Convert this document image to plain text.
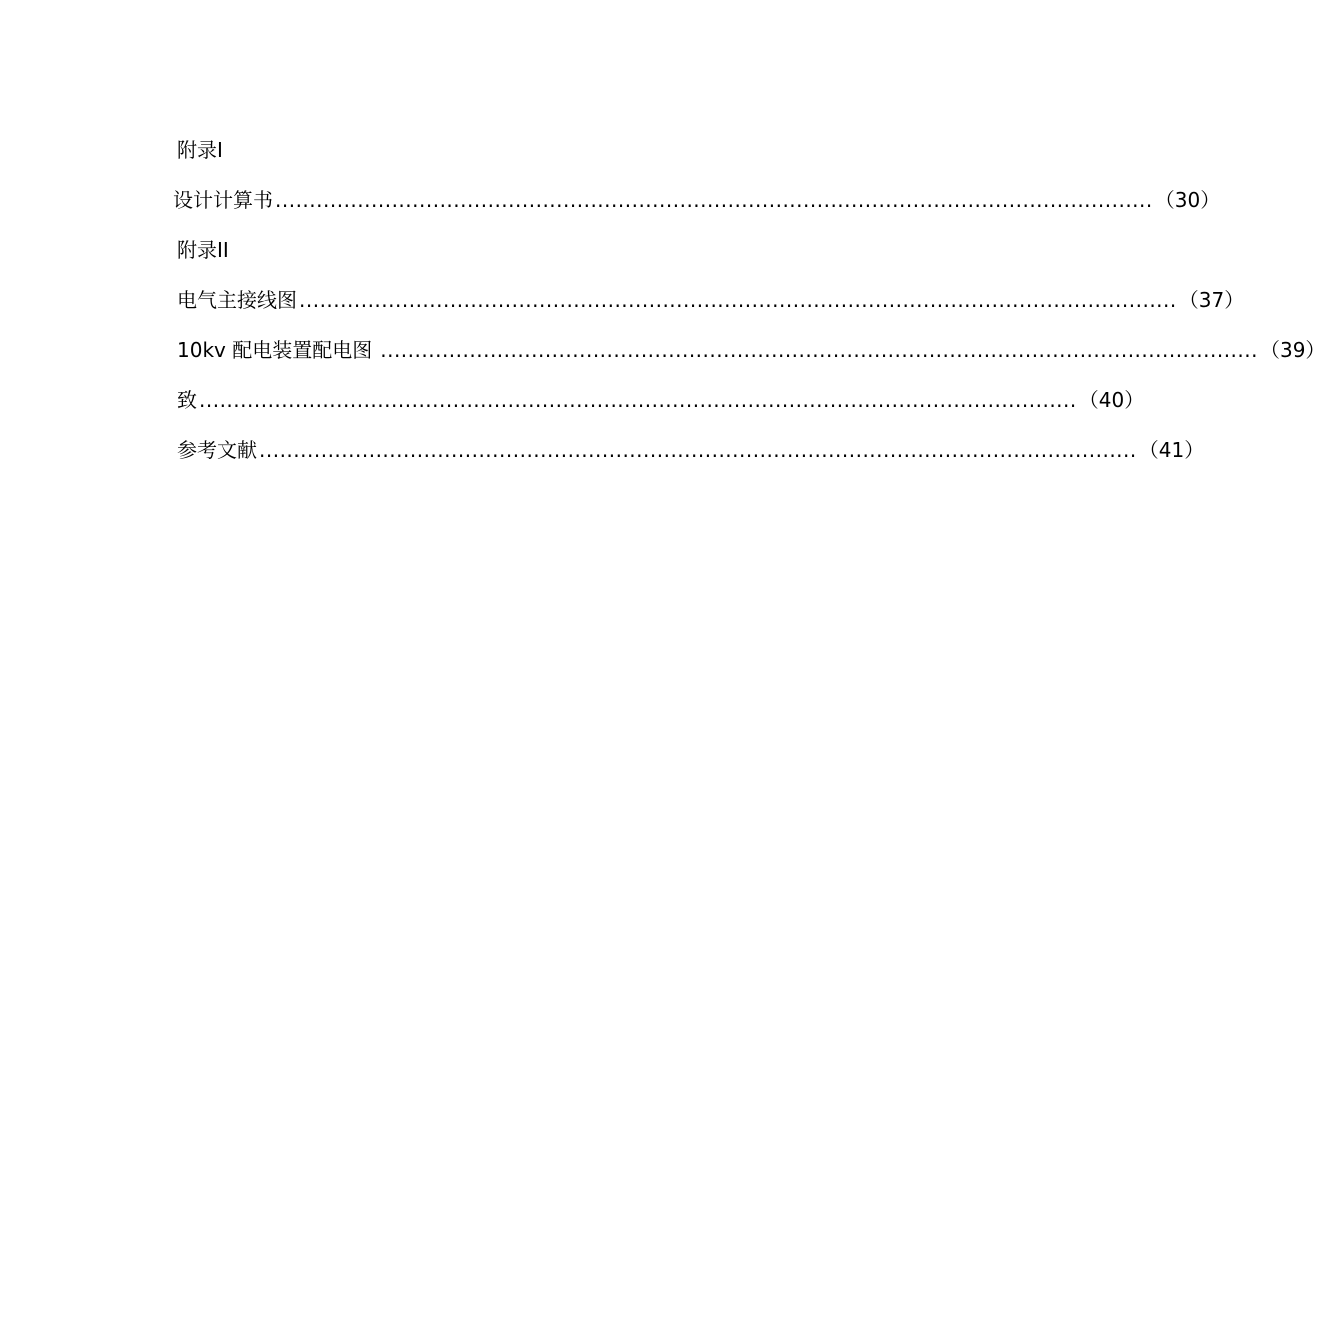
附录I
设计计算书 ................................................................................................................................ （30）
附录II
电气主接线图 ................................................................................................................................ （37）
10kv 配电装置配电图 ................................................................................................................................ （39）
致 ................................................................................................................................ （40）
参考文献 ................................................................................................................................ （41）
